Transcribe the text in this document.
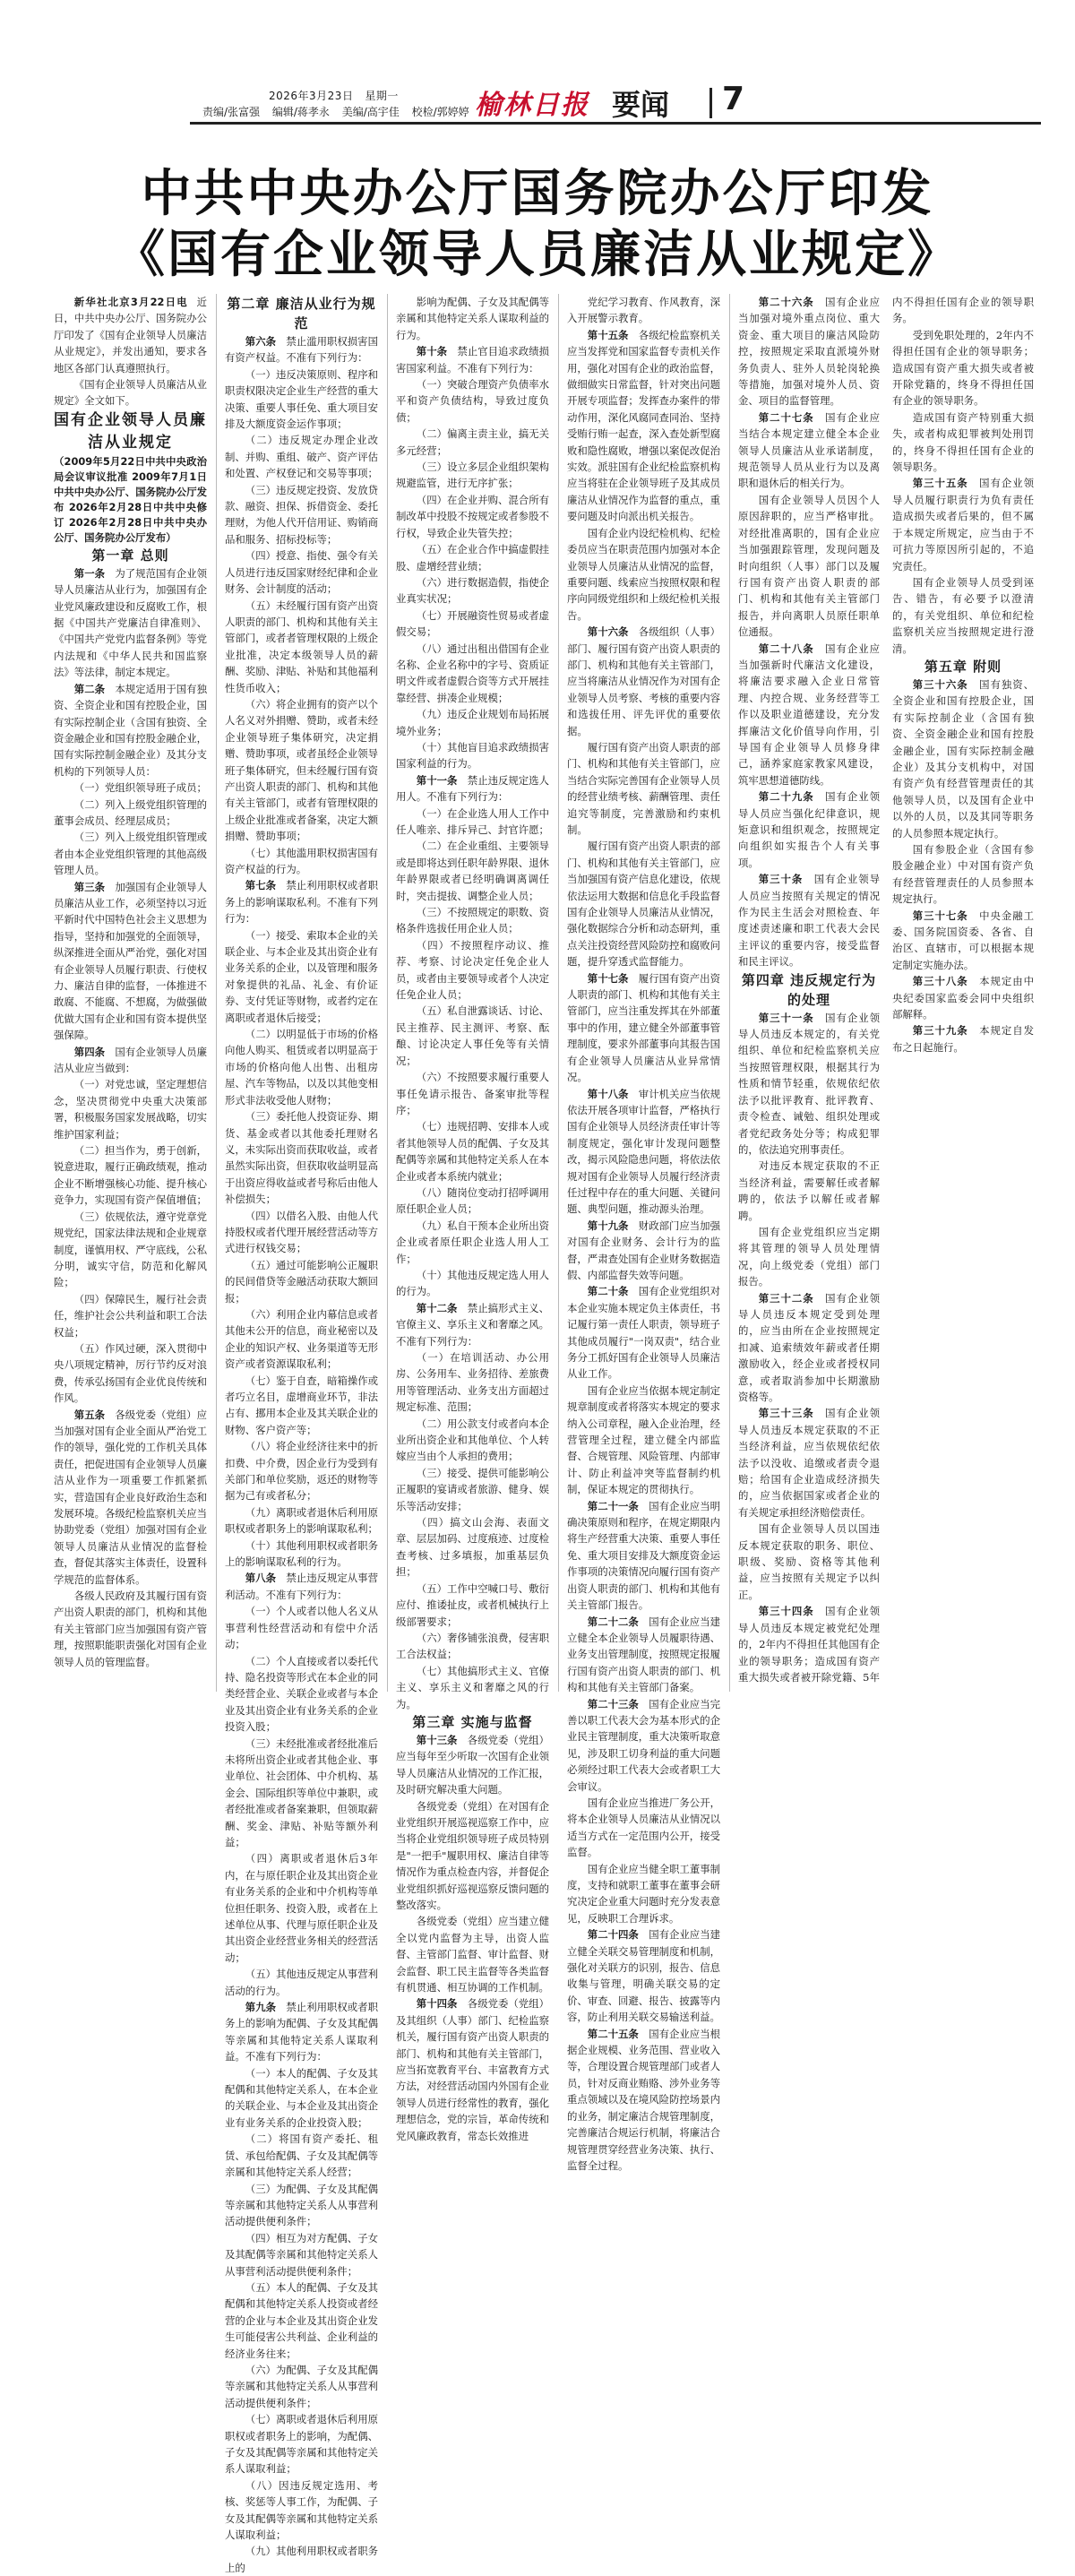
2026年3月23日 星期一
责编/张富强 编辑/蒋孝永 美编/高宇佳 校检/郭婷婷 榆林日报 要闻 7
中共中央办公厅国务院办公厅印发
《国有企业领导人员廉洁从业规定》

新华社北京3月22日电 近日，中共中央办公厅、国务院办公厅印发了《国有企业领导人员廉洁从业规定》，并发出通知，要求各地区各部门认真遵照执行。

《国有企业领导人员廉洁从业规定》全文如下。

国有企业领导人员廉洁从业规定

（2009年5月22日中共中央政治局会议审议批准 2009年7月1日中共中央办公厅、国务院办公厅发布 2026年2月28日中共中央修订 2026年2月28日中共中央办公厅、国务院办公厅发布）

第一章 总则

第一条　 为了规范国有企业领导人员廉洁从业行为，加强国有企业党风廉政建设和反腐败工作，根据《中国共产党廉洁自律准则》、《中国共产党党内监督条例》等党内法规和《中华人民共和国监察法》等法律，制定本规定。

第二条　 本规定适用于国有独资、全资企业和国有控股企业，国有实际控制企业（含国有独资、全资金融企业和国有控股金融企业，国有实际控制金融企业）及其分支机构的下列领导人员：

（一）党组织领导班子成员；

（二）列入上级党组织管理的董事会成员、经理层成员；

（三）列入上级党组织管理或者由本企业党组织管理的其他高级管理人员。

第三条　 加强国有企业领导人员廉洁从业工作，必须坚持以习近平新时代中国特色社会主义思想为指导，坚持和加强党的全面领导，纵深推进全面从严治党，强化对国有企业领导人员履行职责、行使权力、廉洁自律的监督，一体推进不敢腐、不能腐、不想腐，为做强做优做大国有企业和国有资本提供坚强保障。

第四条　 国有企业领导人员廉洁从业应当做到：

（一）对党忠诚，坚定理想信念，坚决贯彻党中央重大决策部署，积极服务国家发展战略，切实维护国家利益；

（二）担当作为，勇于创新，锐意进取，履行正确政绩观，推动企业不断增强核心功能、提升核心竞争力，实现国有资产保值增值；

（三）依规依法，遵守党章党规党纪，国家法律法规和企业规章制度，谨慎用权、严守底线，公私分明，诚实守信，防范和化解风险；

（四）保障民生，履行社会责任，维护社会公共利益和职工合法权益；

（五）作风过硬，深入贯彻中央八项规定精神，厉行节约反对浪费，传承弘扬国有企业优良传统和作风。

第五条　 各级党委（党组）应当加强对国有企业全面从严治党工作的领导，强化党的工作机关具体责任，把促进国有企业领导人员廉洁从业作为一项重要工作抓紧抓实，营造国有企业良好政治生态和发展环境。各级纪检监察机关应当协助党委（党组）加强对国有企业领导人员廉洁从业情况的监督检查，督促其落实主体责任，设置科学规范的监督体系。

各级人民政府及其履行国有资产出资人职责的部门，机构和其他有关主管部门应当加强国有资产管理，按照职能职责强化对国有企业领导人员的管理监督。

第二章 廉洁从业行为规范

第六条　 禁止滥用职权损害国有资产权益。不准有下列行为：

（一）违反决策原则、程序和职责权限决定企业生产经营的重大决策、重要人事任免、重大项目安排及大额度资金运作事项；

（二）违反规定办理企业改制、并购、重组、破产、资产评估和处置、产权登记和交易等事项；

（三）违反规定投资、发放贷款、融资、担保、拆借资金、委托理财，为他人代开信用证、购销商品和服务、招标投标等；

（四）授意、指使、强令有关人员进行违反国家财经纪律和企业财务、会计制度的活动；

（五）未经履行国有资产出资人职责的部门、机构和其他有关主管部门，或者者管理权限的上级企业批准，决定本级领导人员的薪酬、奖励、津贴、补贴和其他福利性货币收入；

（六）将企业拥有的资产以个人名义对外捐赠、赞助，或者未经企业领导班子集体研究，决定捐赠、赞助事项，或者虽经企业领导班子集体研究，但未经履行国有资产出资人职责的部门、机构和其他有关主管部门，或者有管理权限的上级企业批准或者备案，决定大额捐赠、赞助事项；

（七）其他滥用职权损害国有资产权益的行为。

第七条　 禁止利用职权或者职务上的影响谋取私利。不准有下列行为：

（一）接受、索取本企业的关联企业、与本企业及其出资企业有业务关系的企业，以及管理和服务对象提供的礼品、礼金、有价证券、支付凭证等财物，或者约定在离职或者退休后接受；

（二）以明显低于市场的价格向他人购买、租赁或者以明显高于市场的价格向他人出售、出租房屋、汽车等物品，以及以其他变相形式非法收受他人财物；

（三）委托他人投资证券、期货、基金或者以其他委托理财名义，未实际出资而获取收益，或者虽然实际出资，但获取收益明显高于出资应得收益或者号称后由他人补偿损失；

（四）以借名入股、由他人代持股权或者代理开展经营活动等方式进行权钱交易；

（五）通过可能影响公正履职的民间借贷等金融活动获取大额回报；

（六）利用企业内幕信息或者其他未公开的信息，商业秘密以及企业的知识产权、业务渠道等无形资产或者资源谋取私利；

（七）鉴于自查，暗箱操作或者巧立名目，虚增商业环节，非法占有、挪用本企业及其关联企业的财物、客户资产等；

（八）将企业经济往来中的折扣费、中介费，因企业行为受到有关部门和单位奖励，返还的财物等据为己有或者私分；

（九）离职或者退休后利用原职权或者职务上的影响谋取私利；

（十）其他利用职权或者职务上的影响谋取私利的行为。

第八条　 禁止违反规定从事营利活动。不准有下列行为：

（一）个人或者以他人名义从事营利性经营活动和有偿中介活动；

（二）个人直接或者以委托代持、隐名投资等形式在本企业的同类经营企业、关联企业或者与本企业及其出资企业有业务关系的企业投资入股；

（三）未经批准或者经批准后未将所出资企业或者其他企业、事业单位、社会团体、中介机构、基金会、国际组织等单位中兼职，或者经批准或者备案兼职，但领取薪酬、奖金、津贴、补贴等额外利益；

（四）离职或者退休后3年内，在与原任职企业及其出资企业有业务关系的企业和中介机构等单位担任职务、投资入股，或者在上述单位从事、代理与原任职企业及其出资企业经营业务相关的经营活动；

（五）其他违反规定从事营利活动的行为。

第九条　 禁止利用职权或者职务上的影响为配偶、子女及其配偶等亲属和其他特定关系人谋取利益。不准有下列行为：

（一）本人的配偶、子女及其配偶和其他特定关系人，在本企业的关联企业、与本企业及其出资企业有业务关系的企业投资入股；

（二）将国有资产委托、租赁、承包给配偶、子女及其配偶等亲属和其他特定关系人经营；

（三）为配偶、子女及其配偶等亲属和其他特定关系人从事营利活动提供便利条件；

（四）相互为对方配偶、子女及其配偶等亲属和其他特定关系人从事营利活动提供便利条件；

（五）本人的配偶、子女及其配偶和其他特定关系人投资或者经营的企业与本企业及其出资企业发生可能侵害公共利益、企业利益的经济业务往来；

（六）为配偶、子女及其配偶等亲属和其他特定关系人从事营利活动提供便利条件；

（七）离职或者退休后利用原职权或者职务上的影响，为配偶、子女及其配偶等亲属和其他特定关系人谋取利益；

（八）因违反规定选用、考核、奖惩等人事工作，为配偶、子女及其配偶等亲属和其他特定关系人谋取利益；

（九）其他利用职权或者职务上的

影响为配偶、子女及其配偶等亲属和其他特定关系人谋取利益的行为。

第十条　 禁止官目追求政绩损害国家利益。不准有下列行为：

（一）突破合理资产负债率水平和资产负债结构，导致过度负债；

（二）偏离主责主业，搞无关多元经营；

（三）设立多层企业组织架构规避监管，进行无序扩张；

（四）在企业并购、混合所有制改革中投股不按规定或者参股不行权，导致企业失管失控；

（五）在企业合作中搞虚假挂股、虚增经营业绩；

（六）进行数据造假，指使企业真实状况；

（七）开展融资性贸易或者虚假交易；

（八）通过出租出借国有企业名称、企业名称中的字号、资质证明文件或者虚假合资等方式开展挂靠经营、拼凑企业规模；

（九）违反企业规划布局拓展境外业务；

（十）其他盲目追求政绩损害国家利益的行为。

第十一条　 禁止违反规定选人用人。不准有下列行为：

（一）在企业选人用人工作中任人唯亲、排斥异己、封官许愿；

（二）在企业重组、主要领导或是即将达到任职年龄界限、退休年龄界限或者已经明确调离调任时，突击提拔、调整企业人员；

（三）不按照规定的职数、资格条件选拔任用企业人员；

（四）不按照程序动议、推荐、考察、讨论决定任免企业人员，或者由主要领导或者个人决定任免企业人员；

（五）私自泄露谈话、讨论、民主推荐、民主测评、考察、酝酿、讨论决定人事任免等有关情况；

（六）不按照要求履行重要人事任免请示报告、备案审批等程序；

（七）违规招聘、安排本人或者其他领导人员的配偶、子女及其配偶等亲属和其他特定关系人在本企业或者本系统内就业；

（八）随岗位变动打招呼调用原任职企业人员；

（九）私自干预本企业所出资企业或者原任职企业选人用人工作；

（十）其他违反规定选人用人的行为。

第十二条　 禁止搞形式主义、官僚主义、享乐主义和奢靡之风。不准有下列行为：

（一）在培训活动、办公用房、公务用车、业务招待、差旅费用等管理活动、业务支出方面超过规定标准、范围；

（二）用公款支付或者向本企业所出资企业和其他单位、个人转嫁应当由个人承担的费用；

（三）接受、提供可能影响公正履职的宴请或者旅游、健身、娱乐等活动安排；

（四）搞文山会海、表面文章、层层加码、过度痕迹、过度检查考核、过多填报，加重基层负担；

（五）工作中空喊口号、敷衍应付、推诿扯皮，或者机械执行上级部署要求；

（六）奢侈铺张浪费，侵害职工合法权益；

（七）其他搞形式主义、官僚主义、享乐主义和奢靡之风的行为。

第三章 实施与监督

第十三条　 各级党委（党组）应当每年至少听取一次国有企业领导人员廉洁从业情况的工作汇报，及时研究解决重大问题。

各级党委（党组）在对国有企业党组织开展巡视巡察工作中，应当将企业党组织领导班子成员特别是"一把手"履职用权、廉洁自律等情况作为重点检查内容，并督促企业党组织抓好巡视巡察反馈问题的整改落实。

各级党委（党组）应当建立健全以党内监督为主导，出资人监督、主管部门监督、审计监督、财会监督、职工民主监督等各类监督有机贯通、相互协调的工作机制。

第十四条　 各级党委（党组）及其组织（人事）部门、纪检监察机关，履行国有资产出资人职责的部门、机构和其他有关主管部门，应当拓宽教育平台、丰富教育方式方法，对经营活动国内外国有企业领导人员进行经常性的教育，强化理想信念，党的宗旨，革命传统和党风廉政教育，常态长效推进

党纪学习教育、作风教育，深入开展警示教育。

第十五条　 各级纪检监察机关应当发挥党和国家监督专责机关作用，强化对国有企业的政治监督，做细做实日常监督，针对突出问题开展专项监督；发挥查办案件的带动作用，深化风腐同查同治、坚持受贿行贿一起查，深入查处新型腐败和隐性腐败，增强以案促改促治实效。派驻国有企业纪检监察机构应当将驻在企业领导班子及其成员廉洁从业情况作为监督的重点，重要问题及时向派出机关报告。

国有企业内设纪检机构、纪检委员应当在职责范围内加强对本企业领导人员廉洁从业情况的监督，重要问题、线索应当按照权限和程序向同级党组织和上级纪检机关报告。

第十六条　 各级组织（人事）部门、履行国有资产出资人职责的部门、机构和其他有关主管部门，应当将廉洁从业情况作为对国有企业领导人员考察、考核的重要内容和选拔任用、评先评优的重要依据。

履行国有资产出资人职责的部门、机构和其他有关主管部门，应当结合实际完善国有企业领导人员的经营业绩考核、薪酬管理、责任追究等制度，完善激励和约束机制。

履行国有资产出资人职责的部门、机构和其他有关主管部门，应当加强国有资产信息化建设，依规依法运用大数据和信息化手段监督国有企业领导人员廉洁从业情况，强化数据综合分析和动态研判，重点关注投资经营风险防控和腐败问题，提升穿透式监督能力。

第十七条　 履行国有资产出资人职责的部门、机构和其他有关主管部门，应当注重发挥其在外部董事中的作用，建立健全外部董事管理制度，要求外部董事向其报告国有企业领导人员廉洁从业异常情况。

第十八条　 审计机关应当依规依法开展各项审计监督，严格执行国有企业领导人员经济责任审计等制度规定，强化审计发现问题整改，揭示风险隐患问题，将依法依规对国有企业领导人员履行经济责任过程中存在的重大问题、关键问题、典型问题，推动源头治理。

第十九条　 财政部门应当加强对国有企业财务、会计行为的监督，严肃查处国有企业财务数据造假、内部监督失效等问题。

第二十条　 国有企业党组织对本企业实施本规定负主体责任，书记履行第一责任人职责，领导班子其他成员履行"一岗双责"，结合业务分工抓好国有企业领导人员廉洁从业工作。

国有企业应当依据本规定制定规章制度或者将落实本规定的要求纳入公司章程，融入企业治理，经营管理全过程，建立健全内部监督、合规管理、风险管理、内部审计、防止利益冲突等监督制约机制，保证本规定的贯彻执行。

第二十一条　 国有企业应当明确决策原则和程序，在规定期限内将生产经营重大决策、重要人事任免、重大项目安排及大额度资金运作事项的决策情况向履行国有资产出资人职责的部门、机构和其他有关主管部门报告。

第二十二条　 国有企业应当建立健全本企业领导人员履职待遇、业务支出管理制度，按照规定报履行国有资产出资人职责的部门、机构和其他有关主管部门备案。

第二十三条　 国有企业应当完善以职工代表大会为基本形式的企业民主管理制度，重大决策听取意见，涉及职工切身利益的重大问题必须经过职工代表大会或者职工大会审议。

国有企业应当推进厂务公开，将本企业领导人员廉洁从业情况以适当方式在一定范围内公开，接受监督。

国有企业应当健全职工董事制度，支持和就职工董事在董事会研究决定企业重大问题时充分发表意见，反映职工合理诉求。

第二十四条　 国有企业应当建立健全关联交易管理制度和机制，强化对关联方的识别，报告、信息收集与管理，明确关联交易的定价、审查、回避、报告、披露等内容，防止利用关联交易输送利益。

第二十五条　 国有企业应当根据企业规模、业务范围、营业收入等，合理设置合规管理部门或者人员，针对反商业贿赂、涉外业务等重点领域以及在境风险防控场景内的业务，制定廉洁合规管理制度，完善廉洁合规运行机制，将廉洁合规管理贯穿经营业务决策、执行、监督全过程。

第二十六条　 国有企业应当加强对境外重点岗位、重大资金、重大项目的廉洁风险防控，按照规定采取直派境外财务负责人、驻外人员轮岗轮换等措施，加强对境外人员、资金、项目的监督管理。

第二十七条　 国有企业应当结合本规定建立健全本企业领导人员廉洁从业承诺制度，规范领导人员从业行为以及离职和退休后的相关行为。

国有企业领导人员因个人原因辞职的，应当严格审批。对经批准离职的，国有企业应当加强跟踪管理，发现问题及时向组织（人事）部门以及履行国有资产出资人职责的部门、机构和其他有关主管部门报告，并向离职人员原任职单位通报。

第二十八条　 国有企业应当加强新时代廉洁文化建设，将廉洁要求融入企业日常管理、内控合规、业务经营等工作以及职业道德建设，充分发挥廉洁文化价值导向作用，引导国有企业领导人员修身律己，涵养家庭家教家风建设，筑牢思想道德防线。

第二十九条　 国有企业领导人员应当强化纪律意识，规矩意识和组织观念，按照规定向组织如实报告个人有关事项。

第三十条　 国有企业领导人员应当按照有关规定的情况作为民主生活会对照检查、年度述责述廉和职工代表大会民主评议的重要内容，接受监督和民主评议。

第四章 违反规定行为的处理

第三十一条　 国有企业领导人员违反本规定的，有关党组织、单位和纪检监察机关应当按照管理权限，根据其行为性质和情节轻重，依规依纪依法予以批评教育、批评教育、责令检查、诫勉、组织处理或者党纪政务处分等；构成犯罪的，依法追究刑事责任。

对违反本规定获取的不正当经济利益，需要解任或者解聘的，依法予以解任或者解聘。

国有企业党组织应当定期将其管理的领导人员处理情况，向上级党委（党组）部门报告。

第三十二条　 国有企业领导人员违反本规定受到处理的，应当由所在企业按照规定扣减、追索绩效年薪或者任期激励收入，经企业或者授权同意，或者取消参加中长期激励资格等。

第三十三条　 国有企业领导人员违反本规定获取的不正当经济利益，应当依规依纪依法予以没收、追缴或者责令退赔；给国有企业造成经济损失的，应当依据国家或者企业的有关规定承担经济赔偿责任。

国有企业领导人员以国违反本规定获取的职务、职位、职级、奖励、资格等其他利益，应当按照有关规定予以纠正。

第三十四条　 国有企业领导人员违反本规定被党纪处理的，2年内不得担任其他国有企业的领导职务；造成国有资产重大损失或者被开除党籍、5年内不得担任国有企业的领导职务。

受到免职处理的，2年内不得担任国有企业的领导职务；造成国有资产重大损失或者被开除党籍的，终身不得担任国有企业的领导职务。

造成国有资产特别重大损失，或者构成犯罪被判处刑罚的，终身不得担任国有企业的领导职务。

第三十五条　 国有企业领导人员履行职责行为负有责任造成损失或者后果的，但不属于本规定所规定，应当由于不可抗力等原因所引起的，不追究责任。

国有企业领导人员受到诬告、错告，有必要予以澄清的，有关党组织、单位和纪检监察机关应当按照规定进行澄清。

第五章 附则

第三十六条　 国有独资、全资企业和国有控股企业，国有实际控制企业（含国有独资、全资金融企业和国有控股金融企业，国有实际控制金融企业）及其分支机构中，对国有资产负有经营管理责任的其他领导人员，以及国有企业中以外的人员，以及其同等职务的人员参照本规定执行。

国有参股企业（含国有参股金融企业）中对国有资产负有经营管理责任的人员参照本规定执行。

第三十七条　 中央金融工委、国务院国资委、各省、自治区、直辖市，可以根据本规定制定实施办法。

第三十八条　 本规定由中央纪委国家监委会同中央组织部解释。

第三十九条　 本规定自发布之日起施行。
